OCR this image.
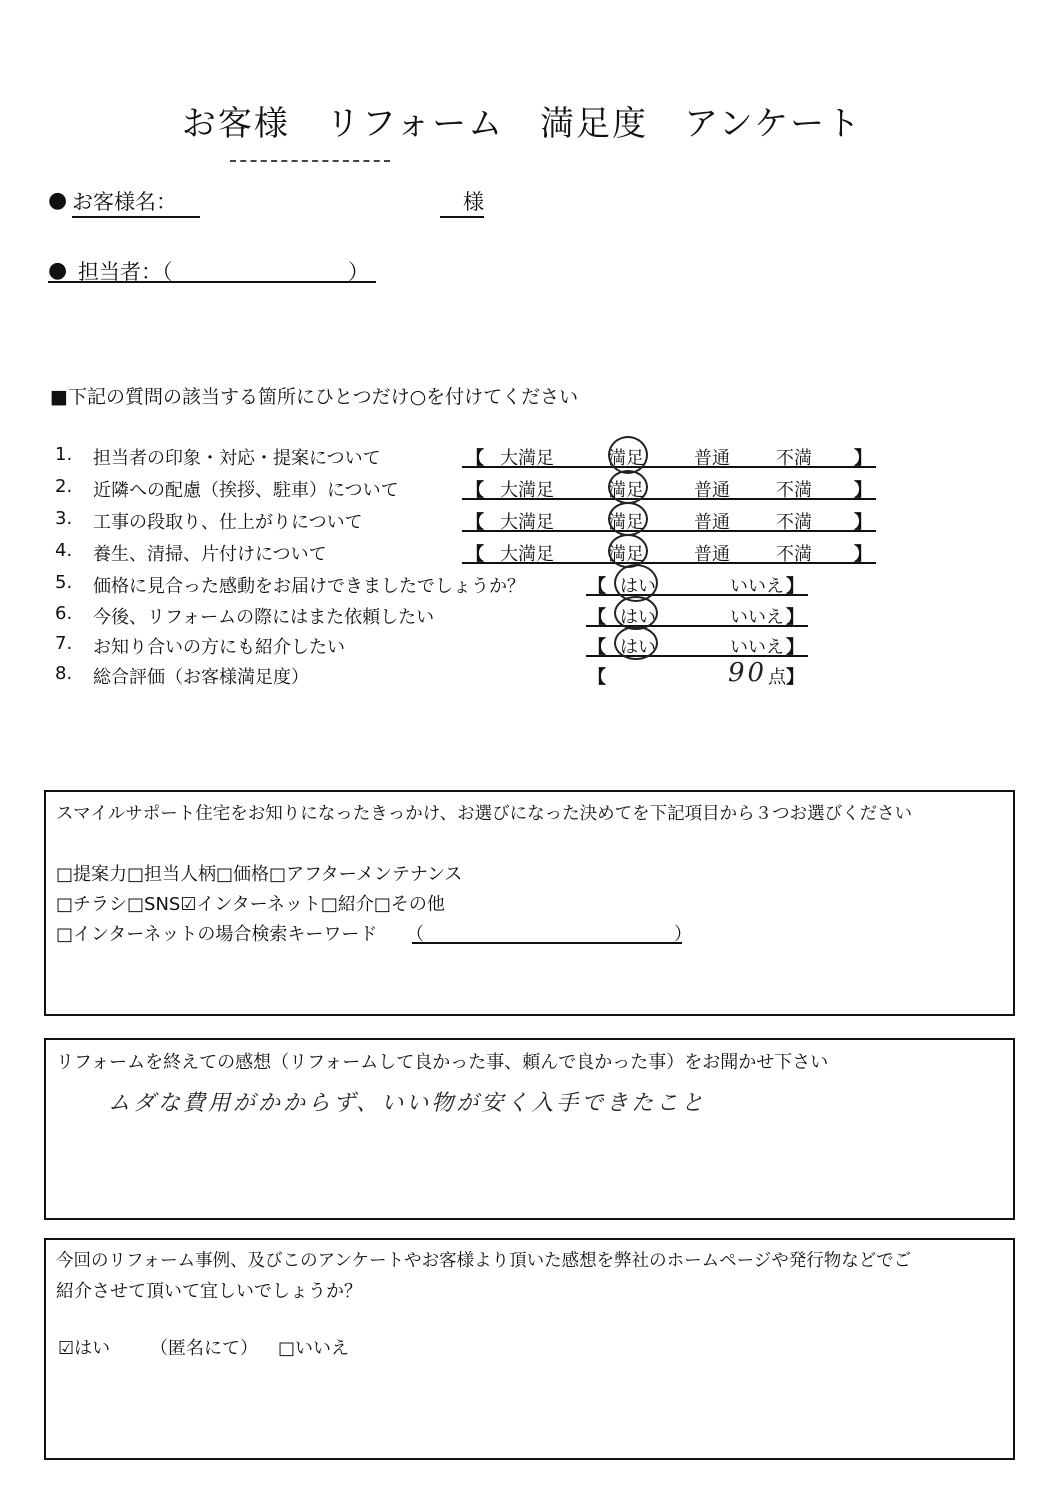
お客様　リフォーム　満足度　アンケート
● お客様名：	様
● 担当者：（	）
■下記の質問の該当する箇所にひとつだけ○を付けてください
1.	担当者の印象・対応・提案について	【 大満足	満足	普通	不満 】
2.	近隣への配慮（挨拶、駐車）について	【 大満足	満足	普通	不満 】
3.	工事の段取り、仕上がりについて	【 大満足	満足	普通	不満 】
4.	養生、清掃、片付けについて	【 大満足	満足	普通	不満 】
5.	価格に見合った感動をお届けできましたでしょうか？	【 はい	いいえ 】
6.	今後、リフォームの際にはまた依頼したい	【 はい	いいえ 】
7.	お知り合いの方にも紹介したい	【 はい	いいえ 】
8.	総合評価（お客様満足度）	【	90 点 】
スマイルサポート住宅をお知りになったきっかけ、お選びになった決めてを下記項目から３つお選びください
□提案力□担当人柄□価格□アフターメンテナンス
□チラシ□SNS☑インターネット□紹介□その他
□インターネットの場合検索キーワード （	）
リフォームを終えての感想（リフォームして良かった事、頼んで良かった事）をお聞かせ下さい
ムダな費用がかからず、いい物が安く入手できたこと
今回のリフォーム事例、及びこのアンケートやお客様より頂いた感想を弊社のホームページや発行物などでご
紹介させて頂いて宜しいでしょうか？
☑はい （匿名にて） □いいえ
